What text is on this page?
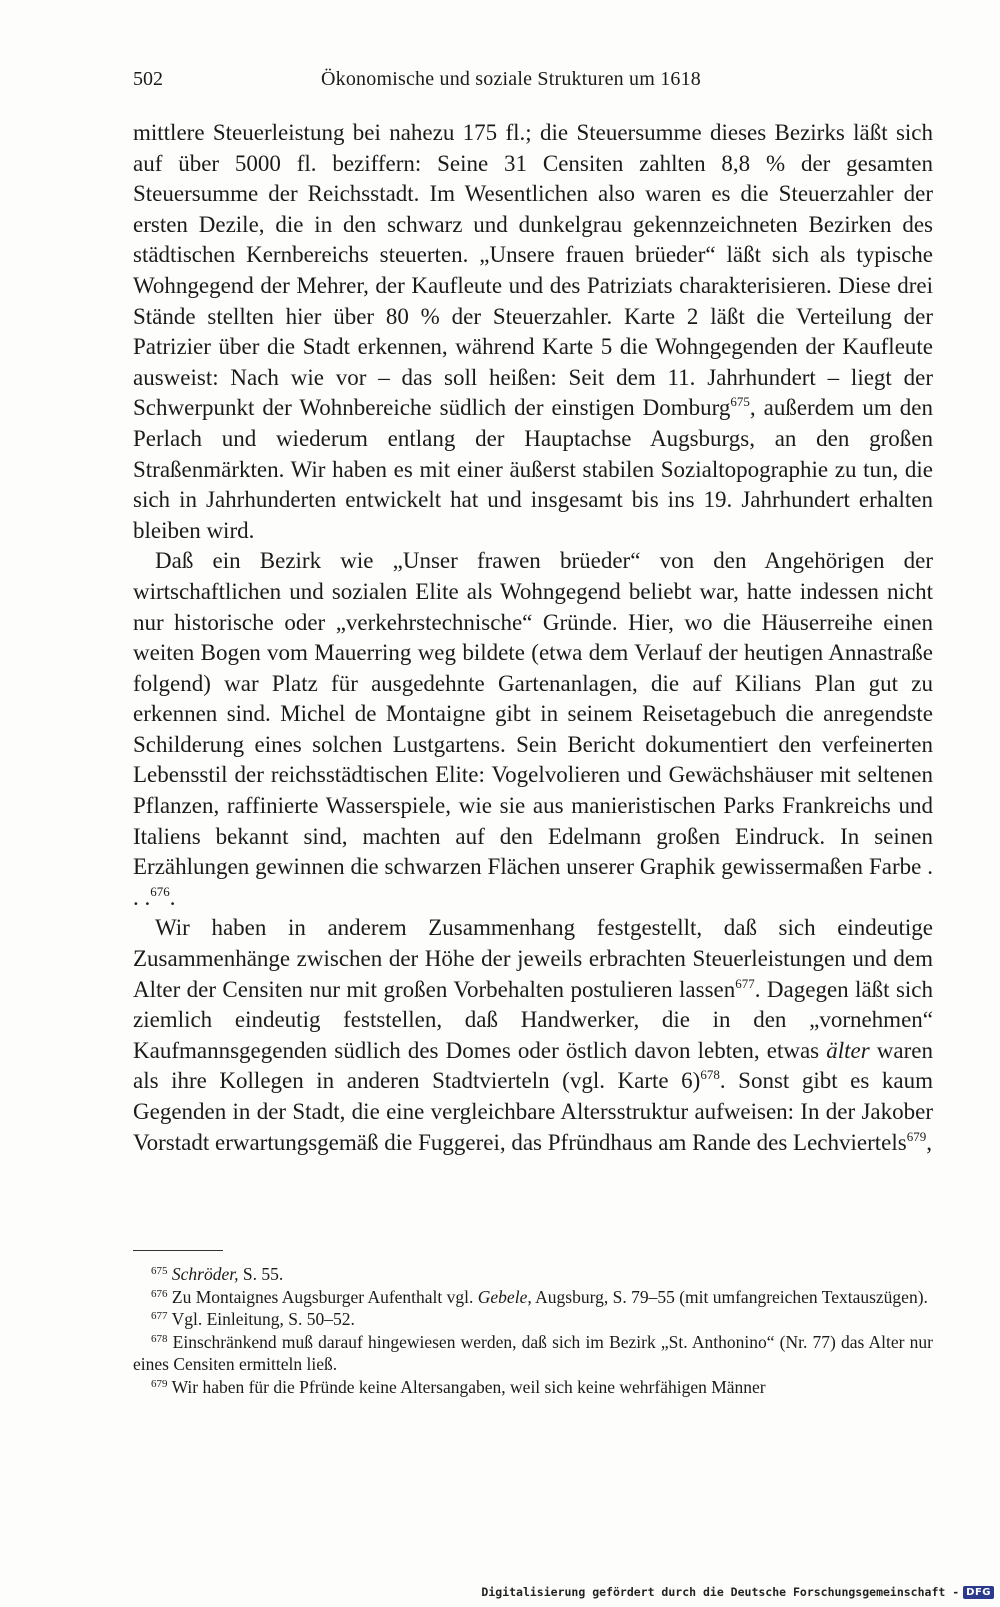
502	Ökonomische und soziale Strukturen um 1618

mittlere Steuerleistung bei nahezu 175 fl.; die Steuersumme dieses Bezirks läßt sich auf über 5000 fl. beziffern: Seine 31 Censiten zahlten 8,8 % der gesamten Steuersumme der Reichsstadt. Im Wesentlichen also waren es die Steuerzahler der ersten Dezile, die in den schwarz und dunkelgrau gekennzeichneten Bezirken des städtischen Kernbereichs steuerten. „Unsere frauen brüeder“ läßt sich als typische Wohngegend der Mehrer, der Kaufleute und des Patriziats charakterisieren. Diese drei Stände stellten hier über 80 % der Steuerzahler. Karte 2 läßt die Verteilung der Patrizier über die Stadt erkennen, während Karte 5 die Wohngegenden der Kaufleute ausweist: Nach wie vor – das soll heißen: Seit dem 11. Jahrhundert – liegt der Schwerpunkt der Wohnbereiche südlich der einstigen Domburg$^{675}$, außerdem um den Perlach und wiederum entlang der Hauptachse Augsburgs, an den großen Straßenmärkten. Wir haben es mit einer äußerst stabilen Sozialtopographie zu tun, die sich in Jahrhunderten entwickelt hat und insgesamt bis ins 19. Jahrhundert erhalten bleiben wird.

Daß ein Bezirk wie „Unser frawen brüeder“ von den Angehörigen der wirtschaftlichen und sozialen Elite als Wohngegend beliebt war, hatte indessen nicht nur historische oder „verkehrstechnische“ Gründe. Hier, wo die Häuserreihe einen weiten Bogen vom Mauerring weg bildete (etwa dem Verlauf der heutigen Annastraße folgend) war Platz für ausgedehnte Gartenanlagen, die auf Kilians Plan gut zu erkennen sind. Michel de Montaigne gibt in seinem Reisetagebuch die anregendste Schilderung eines solchen Lustgartens. Sein Bericht dokumentiert den verfeinerten Lebensstil der reichsstädtischen Elite: Vogelvolieren und Gewächshäuser mit seltenen Pflanzen, raffinierte Wasserspiele, wie sie aus manieristischen Parks Frankreichs und Italiens bekannt sind, machten auf den Edelmann großen Eindruck. In seinen Erzählungen gewinnen die schwarzen Flächen unserer Graphik gewissermaßen Farbe . . .$^{676}$.

Wir haben in anderem Zusammenhang festgestellt, daß sich eindeutige Zusammenhänge zwischen der Höhe der jeweils erbrachten Steuerleistungen und dem Alter der Censiten nur mit großen Vorbehalten postulieren lassen$^{677}$. Dagegen läßt sich ziemlich eindeutig feststellen, daß Handwerker, die in den „vornehmen“ Kaufmannsgegenden südlich des Domes oder östlich davon lebten, etwas älter waren als ihre Kollegen in anderen Stadtvierteln (vgl. Karte 6)$^{678}$. Sonst gibt es kaum Gegenden in der Stadt, die eine vergleichbare Altersstruktur aufweisen: In der Jakober Vorstadt erwartungsgemäß die Fuggerei, das Pfründhaus am Rande des Lechviertels$^{679}$,

$^{675}$ Schröder, S. 55.

$^{676}$ Zu Montaignes Augsburger Aufenthalt vgl. Gebele, Augsburg, S. 79–55 (mit umfangreichen Textauszügen).

$^{677}$ Vgl. Einleitung, S. 50–52.

$^{678}$ Einschränkend muß darauf hingewiesen werden, daß sich im Bezirk „St. Anthonino“ (Nr. 77) das Alter nur eines Censiten ermitteln ließ.

$^{679}$ Wir haben für die Pfründe keine Altersangaben, weil sich keine wehrfähigen Männer

Digitalisierung gefördert durch die Deutsche Forschungsgemeinschaft - DFG
